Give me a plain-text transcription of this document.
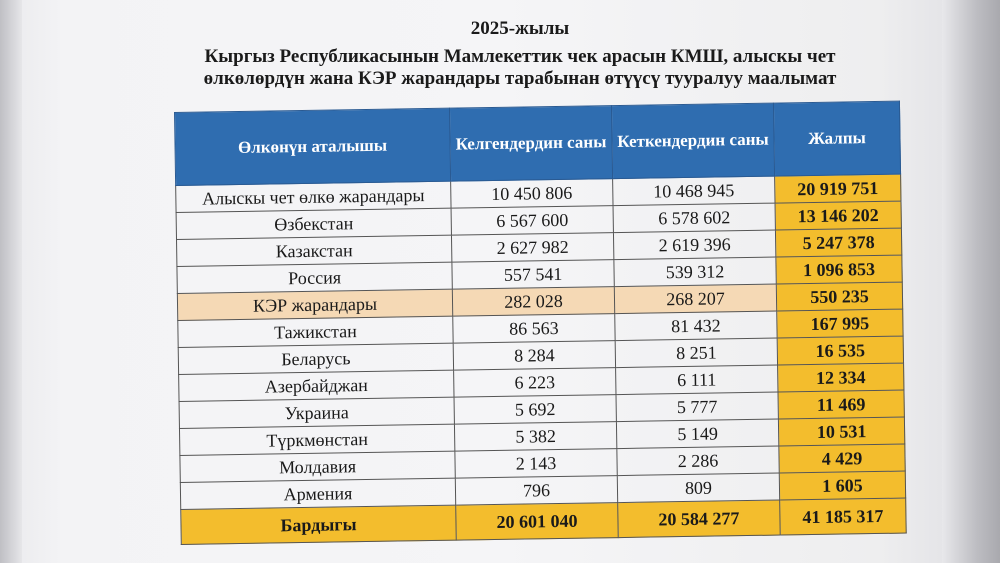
2025-жылы
Кыргыз Республикасынын Мамлекеттик чек арасын КМШ, алыскы чет
өлкөлөрдүн жана КЭР жарандары тарабынан өтүүсү тууралуу маалымат
Өлкөнүн аталышы	Келгендердин саны	Кеткендердин саны	Жалпы
Алыскы чет өлкө жарандары	10 450 806	10 468 945	20 919 751
Өзбекстан	6 567 600	6 578 602	13 146 202
Казакстан	2 627 982	2 619 396	5 247 378
Россия	557 541	539 312	1 096 853
КЭР жарандары	282 028	268 207	550 235
Тажикстан	86 563	81 432	167 995
Беларусь	8 284	8 251	16 535
Азербайджан	6 223	6 111	12 334
Украина	5 692	5 777	11 469
Түркмөнстан	5 382	5 149	10 531
Молдавия	2 143	2 286	4 429
Армения	796	809	1 605
Бардыгы	20 601 040	20 584 277	41 185 317
